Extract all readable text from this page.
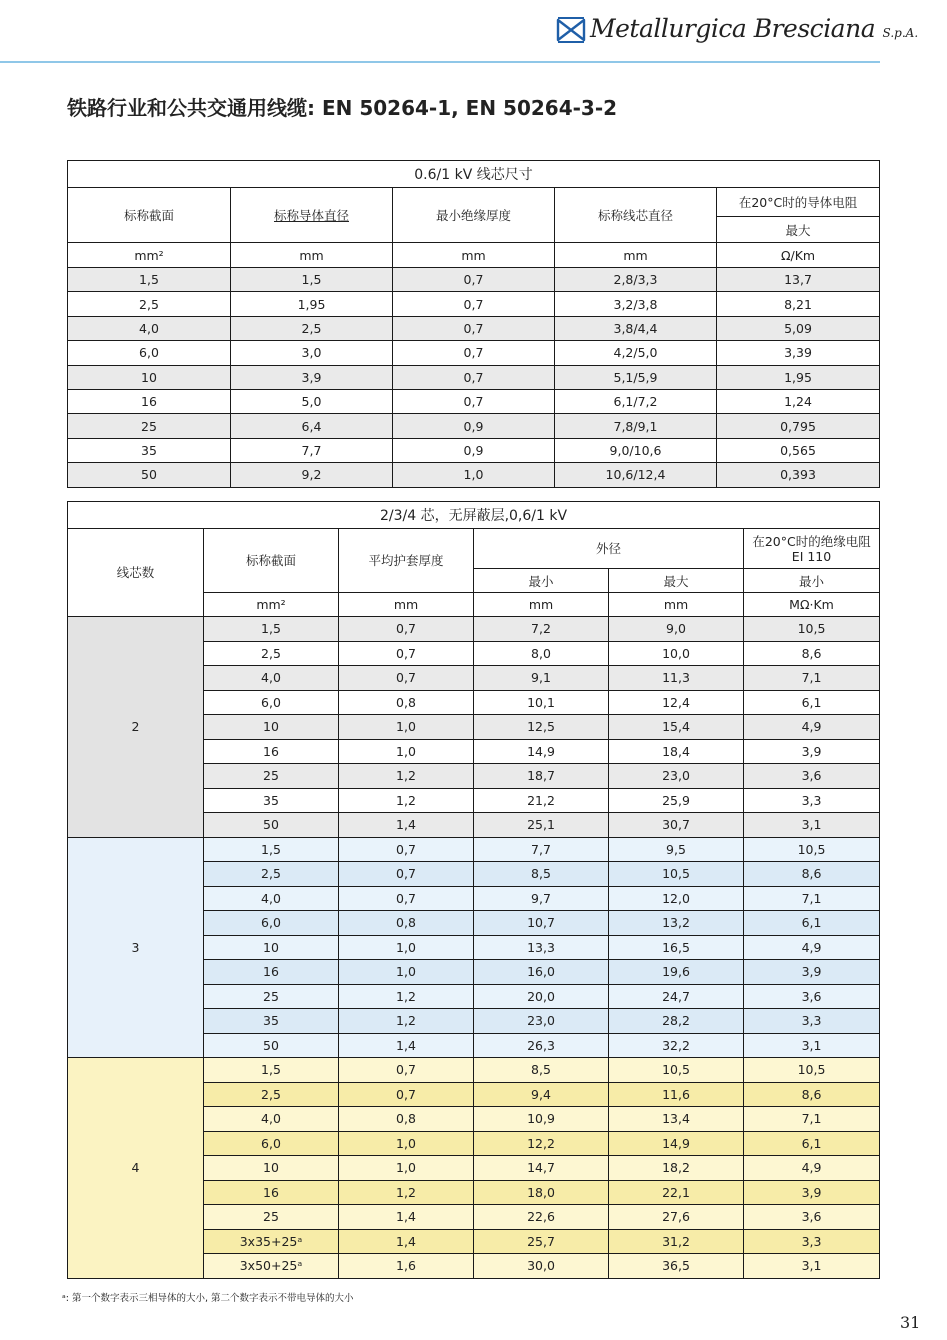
Metallurgica Bresciana S.p.A.
铁路行业和公共交通用线缆: EN 50264-1, EN 50264-3-2
0.6/1 kV 线芯尺寸				
标称截面	标称导体直径	最小绝缘厚度	标称线芯直径	在20°C时的导体电阻
				最大
mm²	mm	mm	mm	Ω/Km
1,5	1,5	0,7	2,8/3,3	13,7
2,5	1,95	0,7	3,2/3,8	8,21
4,0	2,5	0,7	3,8/4,4	5,09
6,0	3,0	0,7	4,2/5,0	3,39
10	3,9	0,7	5,1/5,9	1,95
16	5,0	0,7	6,1/7,2	1,24
25	6,4	0,9	7,8/9,1	0,795
35	7,7	0,9	9,0/10,6	0,565
50	9,2	1,0	10,6/12,4	0,393
2/3/4 芯，无屏蔽层,0,6/1 kV					
线芯数	标称截面	平均护套厚度	外径		在20°C时的绝缘电阻
EI 110
			最小	最大	最小
	mm²	mm	mm	mm	MΩ·Km
2	1,5	0,7	7,2	9,0	10,5
	2,5	0,7	8,0	10,0	8,6
	4,0	0,7	9,1	11,3	7,1
	6,0	0,8	10,1	12,4	6,1
	10	1,0	12,5	15,4	4,9
	16	1,0	14,9	18,4	3,9
	25	1,2	18,7	23,0	3,6
	35	1,2	21,2	25,9	3,3
	50	1,4	25,1	30,7	3,1
3	1,5	0,7	7,7	9,5	10,5
	2,5	0,7	8,5	10,5	8,6
	4,0	0,7	9,7	12,0	7,1
	6,0	0,8	10,7	13,2	6,1
	10	1,0	13,3	16,5	4,9
	16	1,0	16,0	19,6	3,9
	25	1,2	20,0	24,7	3,6
	35	1,2	23,0	28,2	3,3
	50	1,4	26,3	32,2	3,1
4	1,5	0,7	8,5	10,5	10,5
	2,5	0,7	9,4	11,6	8,6
	4,0	0,8	10,9	13,4	7,1
	6,0	1,0	12,2	14,9	6,1
	10	1,0	14,7	18,2	4,9
	16	1,2	18,0	22,1	3,9
	25	1,4	22,6	27,6	3,6
	3x35+25ᵃ	1,4	25,7	31,2	3,3
	3x50+25ᵃ	1,6	30,0	36,5	3,1
ᵃ: 第一个数字表示三相导体的大小, 第二个数字表示不带电导体的大小
31
